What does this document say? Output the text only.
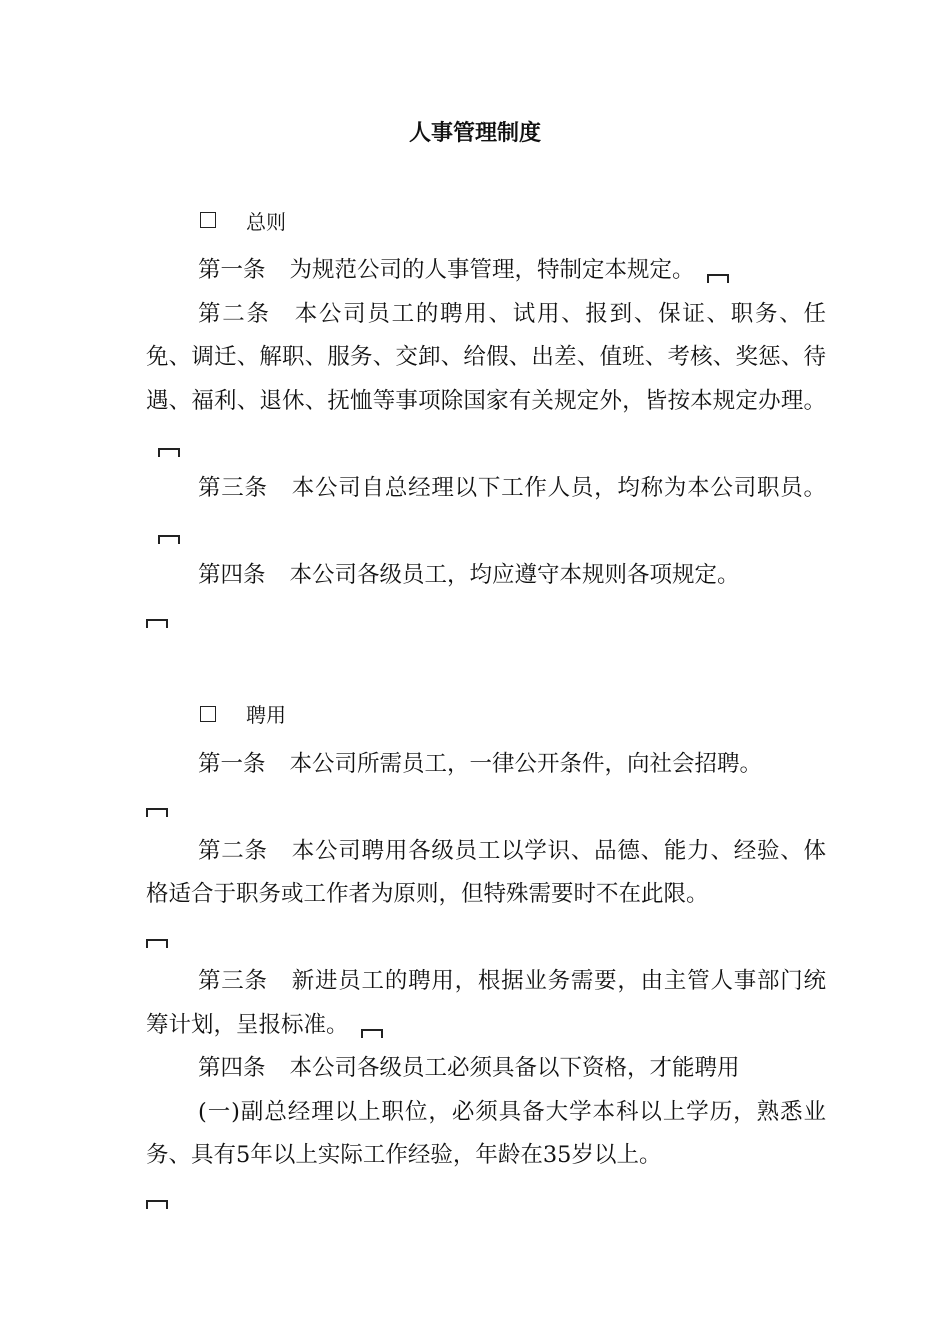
人事管理制度
总则

第一条 为规范公司的人事管理，特制定本规定。

第二条 本公司员工的聘用、试用、报到、保证、职务、任免、调迁、解职、服务、交卸、给假、出差、值班、考核、奖惩、待遇、福利、退休、抚恤等事项除国家有关规定外，皆按本规定办理。

第三条 本公司自总经理以下工作人员，均称为本公司职员。

第四条 本公司各级员工，均应遵守本规则各项规定。

聘用

第一条 本公司所需员工，一律公开条件，向社会招聘。

第二条 本公司聘用各级员工以学识、品德、能力、经验、体格适合于职务或工作者为原则，但特殊需要时不在此限。

第三条 新进员工的聘用，根据业务需要，由主管人事部门统筹计划，呈报标准。

第四条 本公司各级员工必须具备以下资格，才能聘用

(一)副总经理以上职位，必须具备大学本科以上学历，熟悉业务、具有5年以上实际工作经验，年龄在35岁以上。
